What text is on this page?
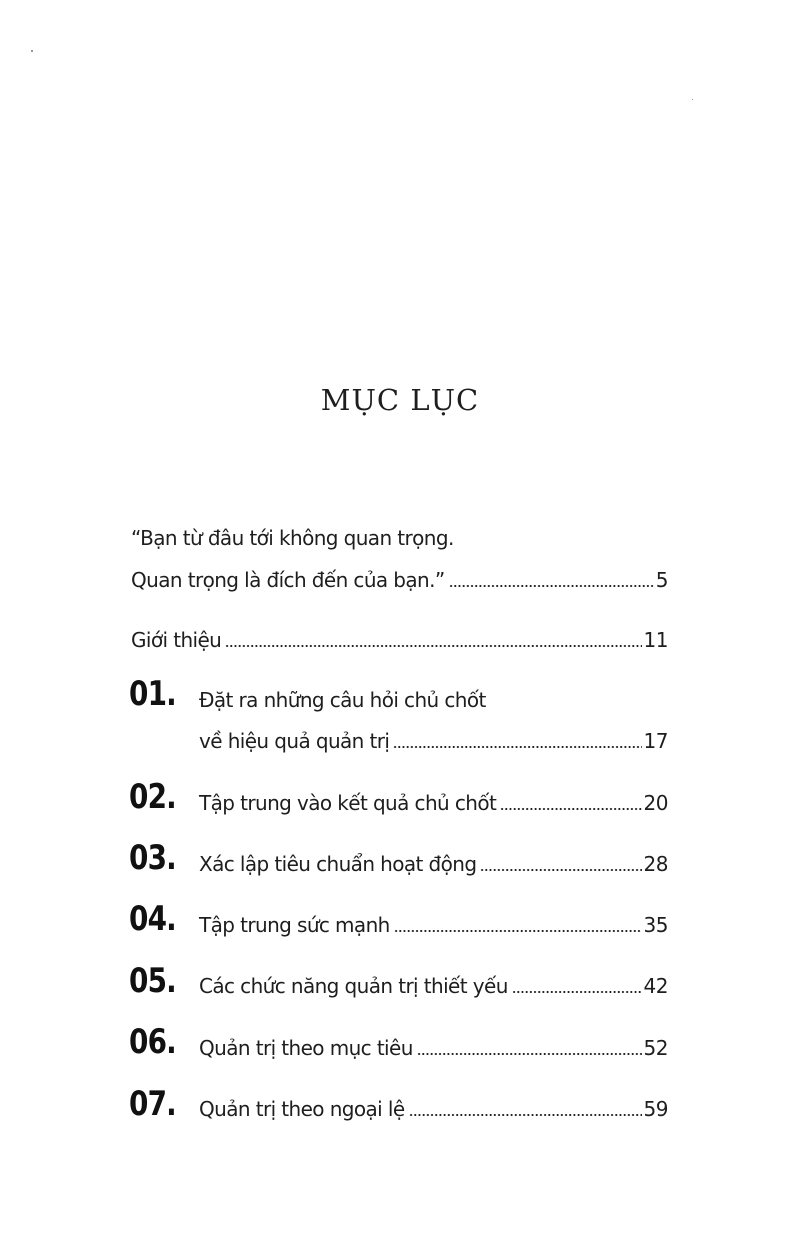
MỤC LỤC
“Bạn từ đâu tới không quan trọng.
Quan trọng là đích đến của bạn.”	5
Giới thiệu	11
01. Đặt ra những câu hỏi chủ chốt
về hiệu quả quản trị	17
02. Tập trung vào kết quả chủ chốt	20
03. Xác lập tiêu chuẩn hoạt động	28
04. Tập trung sức mạnh	35
05. Các chức năng quản trị thiết yếu	42
06. Quản trị theo mục tiêu	52
07. Quản trị theo ngoại lệ	59
